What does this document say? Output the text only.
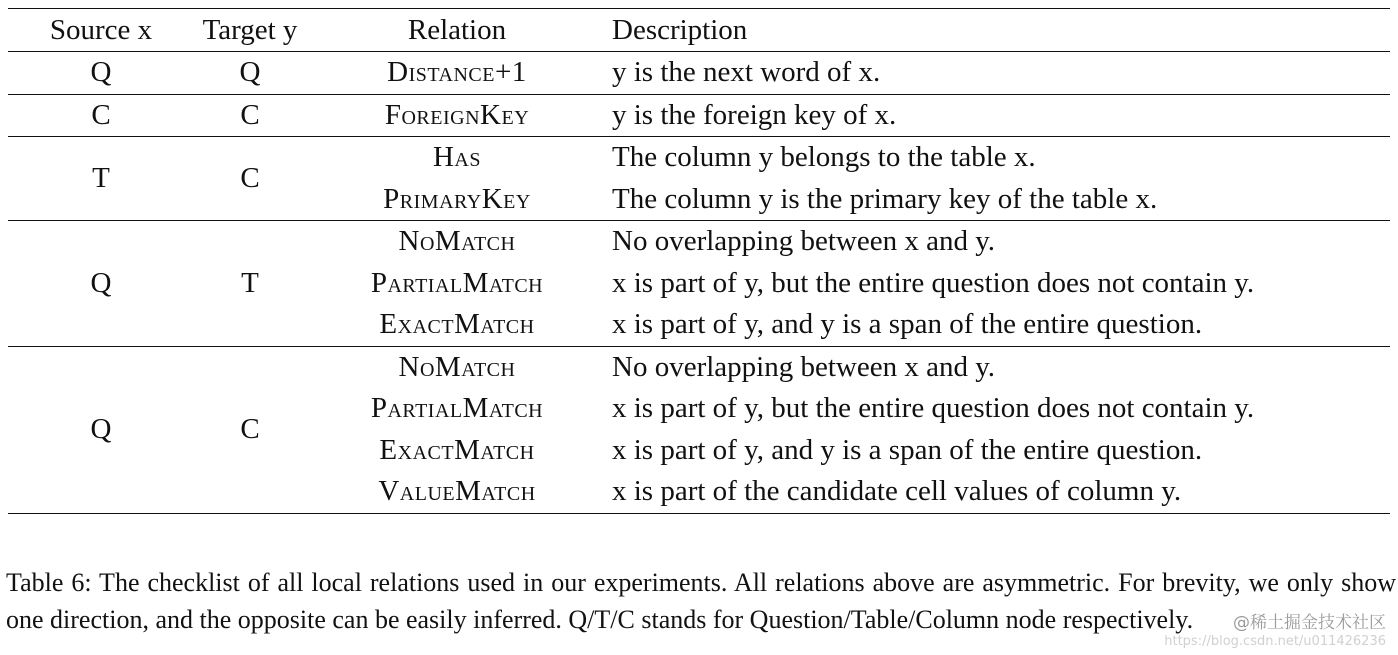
Source x	Target y	Relation	Description
Q	Q	Distance+1	y is the next word of x.
C	C	ForeignKey	y is the foreign key of x.
T	C	Has	The column y belongs to the table x.
		PrimaryKey	The column y is the primary key of the table x.
Q	T	NoMatch	No overlapping between x and y.
		PartialMatch	x is part of y, but the entire question does not contain y.
		ExactMatch	x is part of y, and y is a span of the entire question.
Q	C	NoMatch	No overlapping between x and y.
		PartialMatch	x is part of y, but the entire question does not contain y.
		ExactMatch	x is part of y, and y is a span of the entire question.
		ValueMatch	x is part of the candidate cell values of column y.

Table 6: The checklist of all local relations used in our experiments. All relations above are asymmetric. For brevity, we only show one direction, and the opposite can be easily inferred. Q/T/C stands for Question/Table/Column node respectively.	@稀土掘金技术社区
https://blog.csdn.net/u011426236
